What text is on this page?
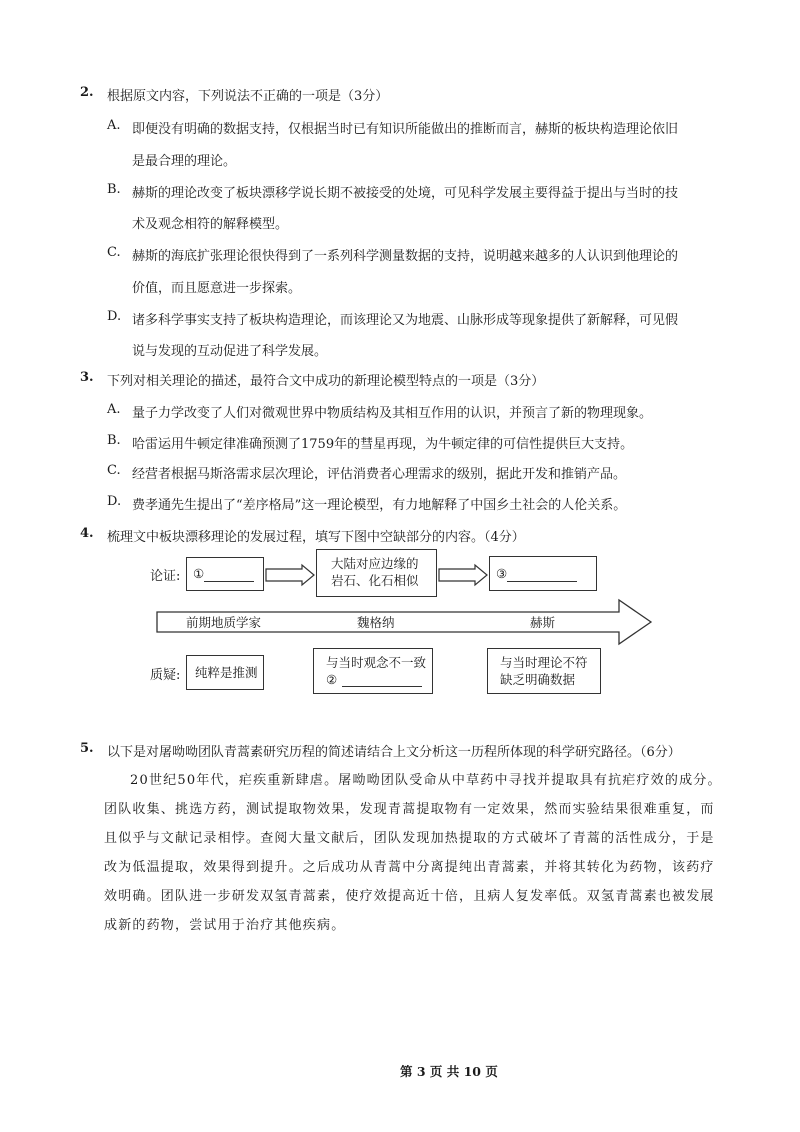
2. 根据原文内容，下列说法不正确的一项是（3分）
A. 即便没有明确的数据支持，仅根据当时已有知识所能做出的推断而言，赫斯的板块构造理论依旧
是最合理的理论。
B. 赫斯的理论改变了板块漂移学说长期不被接受的处境，可见科学发展主要得益于提出与当时的技
术及观念相符的解释模型。
C. 赫斯的海底扩张理论很快得到了一系列科学测量数据的支持，说明越来越多的人认识到他理论的
价值，而且愿意进一步探索。
D. 诸多科学事实支持了板块构造理论，而该理论又为地震、山脉形成等现象提供了新解释，可见假
说与发现的互动促进了科学发展。
3. 下列对相关理论的描述，最符合文中成功的新理论模型特点的一项是（3分）
A. 量子力学改变了人们对微观世界中物质结构及其相互作用的认识，并预言了新的物理现象。
B. 哈雷运用牛顿定律准确预测了1759年的彗星再现，为牛顿定律的可信性提供巨大支持。
C. 经营者根据马斯洛需求层次理论，评估消费者心理需求的级别，据此开发和推销产品。
D. 费孝通先生提出了“差序格局”这一理论模型，有力地解释了中国乡土社会的人伦关系。
4. 梳理文中板块漂移理论的发展过程，填写下图中空缺部分的内容。（4分）
论证:	①
大陆对应边缘的
岩石、化石相似	③
前期地质学家	魏格纳	赫斯
质疑:	纯粹是推测
与当时观念不一致
②
与当时理论不符
缺乏明确数据
5. 以下是对屠呦呦团队青蒿素研究历程的简述请结合上文分析这一历程所体现的科学研究路径。（6分）
20世纪50年代，疟疾重新肆虐。屠呦呦团队受命从中草药中寻找并提取具有抗疟疗效的成分。团队收集、挑选方药，测试提取物效果，发现青蒿提取物有一定效果，然而实验结果很难重复，而且似乎与文献记录相悖。查阅大量文献后，团队发现加热提取的方式破坏了青蒿的活性成分，于是改为低温提取，效果得到提升。之后成功从青蒿中分离提纯出青蒿素，并将其转化为药物，该药疗效明确。团队进一步研发双氢青蒿素，使疗效提高近十倍，且病人复发率低。双氢青蒿素也被发展成新的药物，尝试用于治疗其他疾病。
第 3 页 共 10 页
